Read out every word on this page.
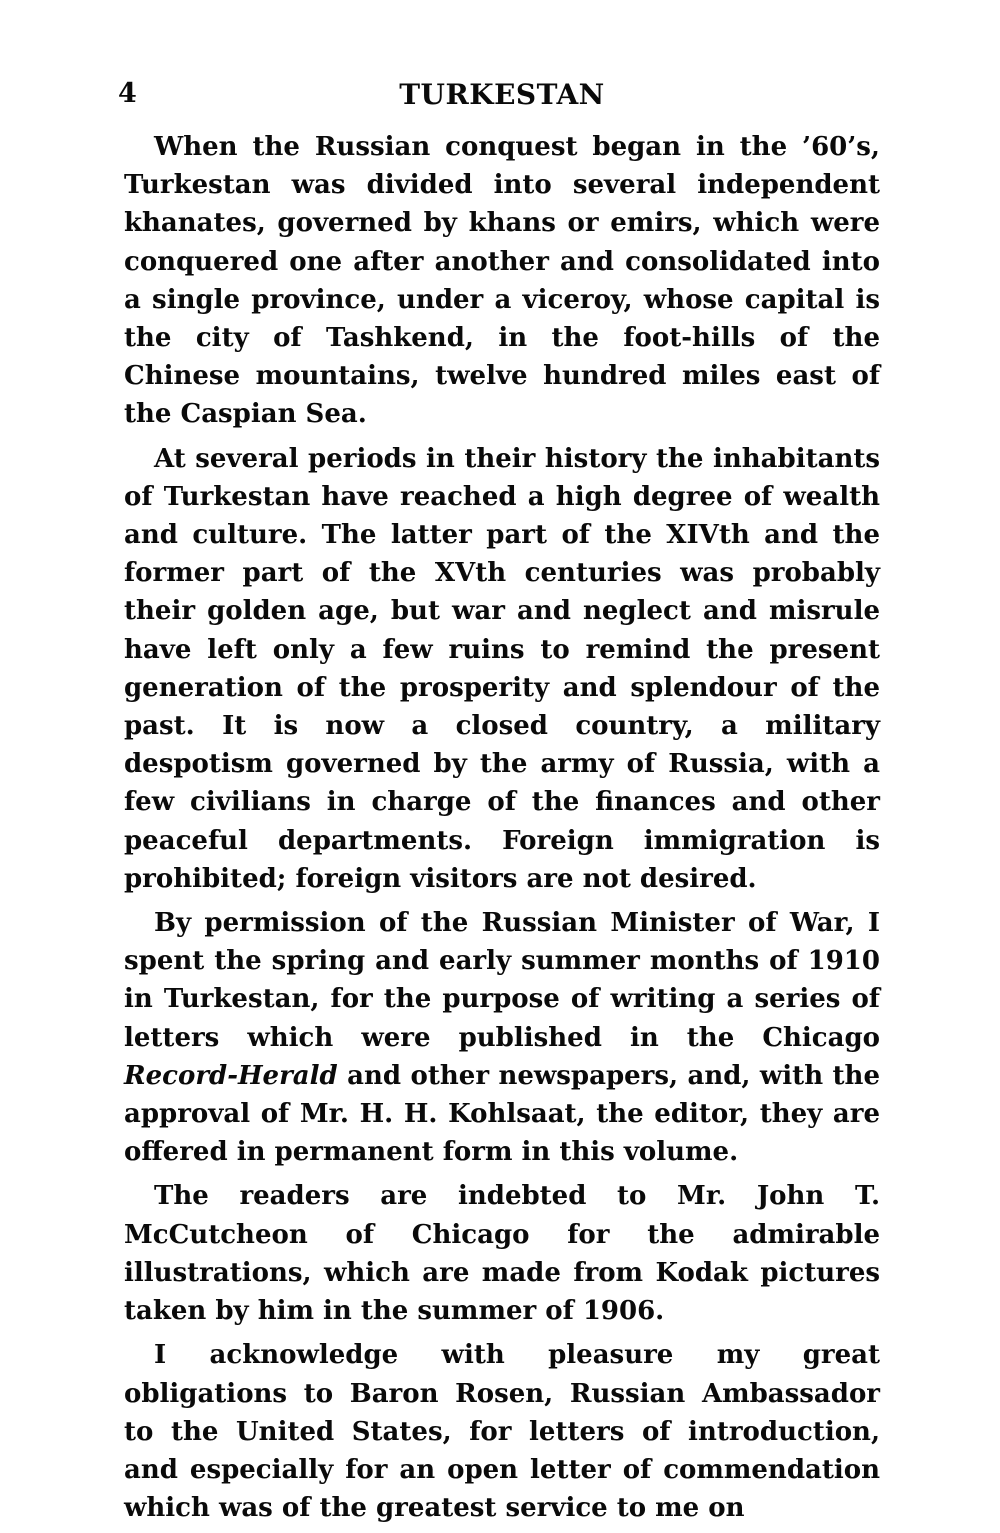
4	TURKESTAN

When the Russian conquest began in the ’60’s, Turkestan was divided into several independent khanates, governed by khans or emirs, which were conquered one after another and consolidated into a single province, under a viceroy, whose capital is the city of Tashkend, in the foot-hills of the Chinese mountains, twelve hundred miles east of the Caspian Sea.

At several periods in their history the inhabitants of Turkestan have reached a high degree of wealth and culture. The latter part of the XIVth and the former part of the XVth centuries was probably their golden age, but war and neglect and misrule have left only a few ruins to remind the present generation of the prosperity and splendour of the past. It is now a closed country, a military despotism governed by the army of Russia, with a few civilians in charge of the finances and other peaceful departments. Foreign immigration is prohibited; foreign visitors are not desired.

By permission of the Russian Minister of War, I spent the spring and early summer months of 1910 in Turkestan, for the purpose of writing a series of letters which were published in the Chicago Record-Herald and other newspapers, and, with the approval of Mr. H. H. Kohlsaat, the editor, they are offered in permanent form in this volume.

The readers are indebted to Mr. John T. McCutcheon of Chicago for the admirable illustrations, which are made from Kodak pictures taken by him in the summer of 1906.

I acknowledge with pleasure my great obligations to Baron Rosen, Russian Ambassador to the United States, for letters of introduction, and especially for an open letter of commendation which was of the greatest service to me on
